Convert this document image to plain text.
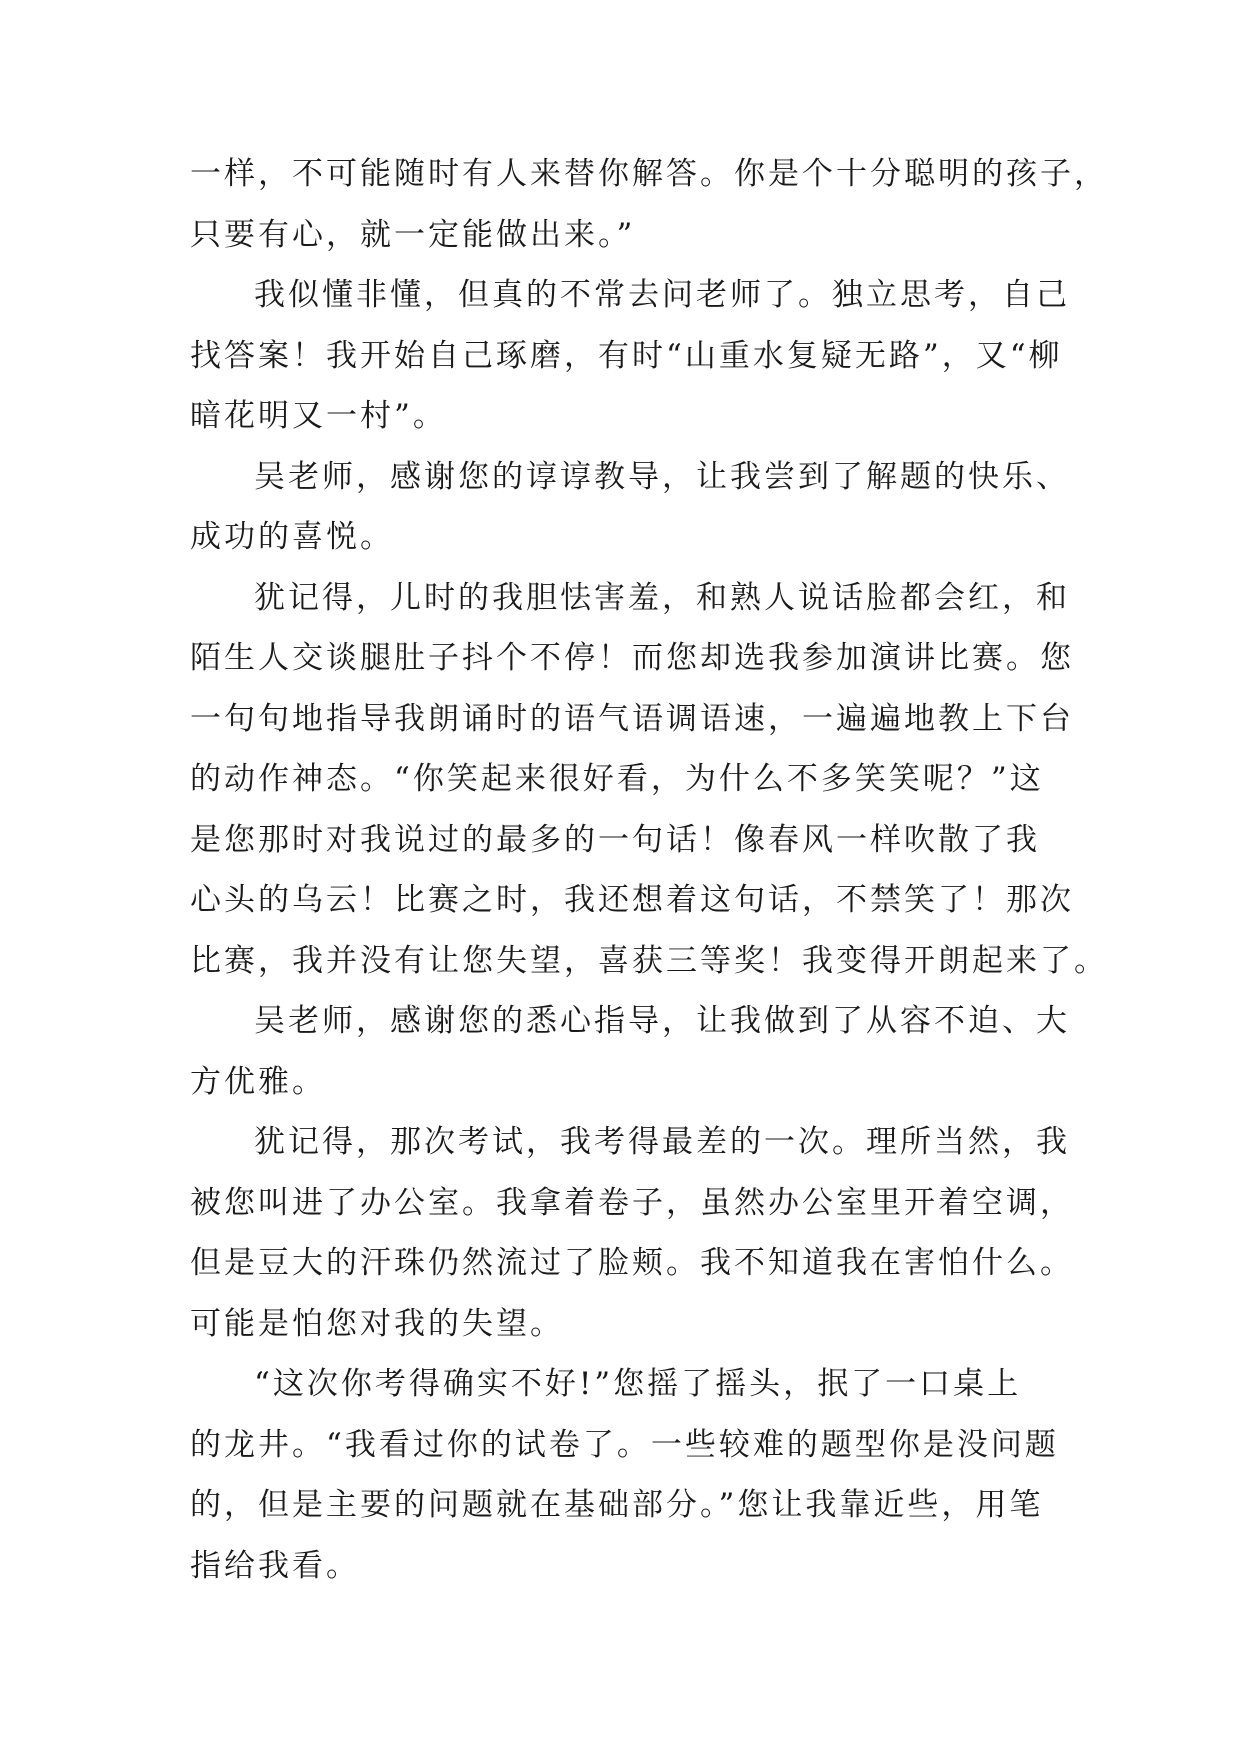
一样，不可能随时有人来替你解答。你是个十分聪明的孩子，
只要有心，就一定能做出来。”
我似懂非懂，但真的不常去问老师了。独立思考，自己
找答案！我开始自己琢磨，有时“山重水复疑无路”，又“柳
暗花明又一村”。
吴老师，感谢您的谆谆教导，让我尝到了解题的快乐、
成功的喜悦。
犹记得，儿时的我胆怯害羞，和熟人说话脸都会红，和
陌生人交谈腿肚子抖个不停！而您却选我参加演讲比赛。您
一句句地指导我朗诵时的语气语调语速，一遍遍地教上下台
的动作神态。“你笑起来很好看，为什么不多笑笑呢？”这
是您那时对我说过的最多的一句话！像春风一样吹散了我
心头的乌云！比赛之时，我还想着这句话，不禁笑了！那次
比赛，我并没有让您失望，喜获三等奖！我变得开朗起来了。
吴老师，感谢您的悉心指导，让我做到了从容不迫、大
方优雅。
犹记得，那次考试，我考得最差的一次。理所当然，我
被您叫进了办公室。我拿着卷子，虽然办公室里开着空调，
但是豆大的汗珠仍然流过了脸颊。我不知道我在害怕什么。
可能是怕您对我的失望。
“这次你考得确实不好!”您摇了摇头，抿了一口桌上
的龙井。“我看过你的试卷了。一些较难的题型你是没问题
的，但是主要的问题就在基础部分。”您让我靠近些，用笔
指给我看。
